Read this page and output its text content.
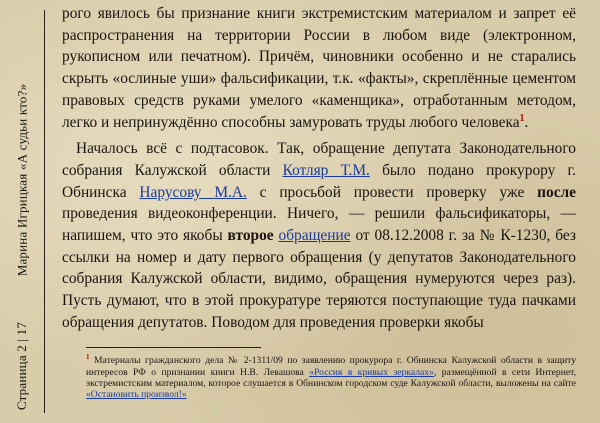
Марина Игрицкая «А судьи кто?»
Страница 2 | 17

рого явилось бы признание книги экстремистским материалом и запрет её распространения на территории России в любом виде (электронном, рукописном или печатном). Причём, чиновники особенно и не старались скрыть «ослиные уши» фальсификации, т.к. «факты», скреплённые цементом правовых средств руками умелого «каменщика», отработанным методом, легко и непринуждённо способны замуровать труды любого человека$^1$.

Началось всё с подтасовок. Так, обращение депутата Законодательного собрания Калужской области Котляр Т.М. было подано прокурору г. Обнинска Нарусову М.А. с просьбой провести проверку уже после проведения видеоконференции. Ничего, — решили фальсификаторы, — напишем, что это якобы второе обращение от 08.12.2008 г. за № К-1230, без ссылки на номер и дату первого обращения (у депутатов Законодательного собрания Калужской области, видимо, обращения нумеруются через раз). Пусть думают, что в этой прокуратуре теряются поступающие туда пачками обращения депутатов. Поводом для проведения проверки якобы

$^1$ Материалы гражданского дела № 2-1311/09 по заявлению прокурора г. Обнинска Калужской области в защиту интересов РФ о признании книги Н.В. Левашова «Россия в кривых зеркалах», размещённой в сети Интернет, экстремистским материалом, которое слушается в Обнинском городском суде Калужской области, выложены на сайте «Остановить произвол!»
